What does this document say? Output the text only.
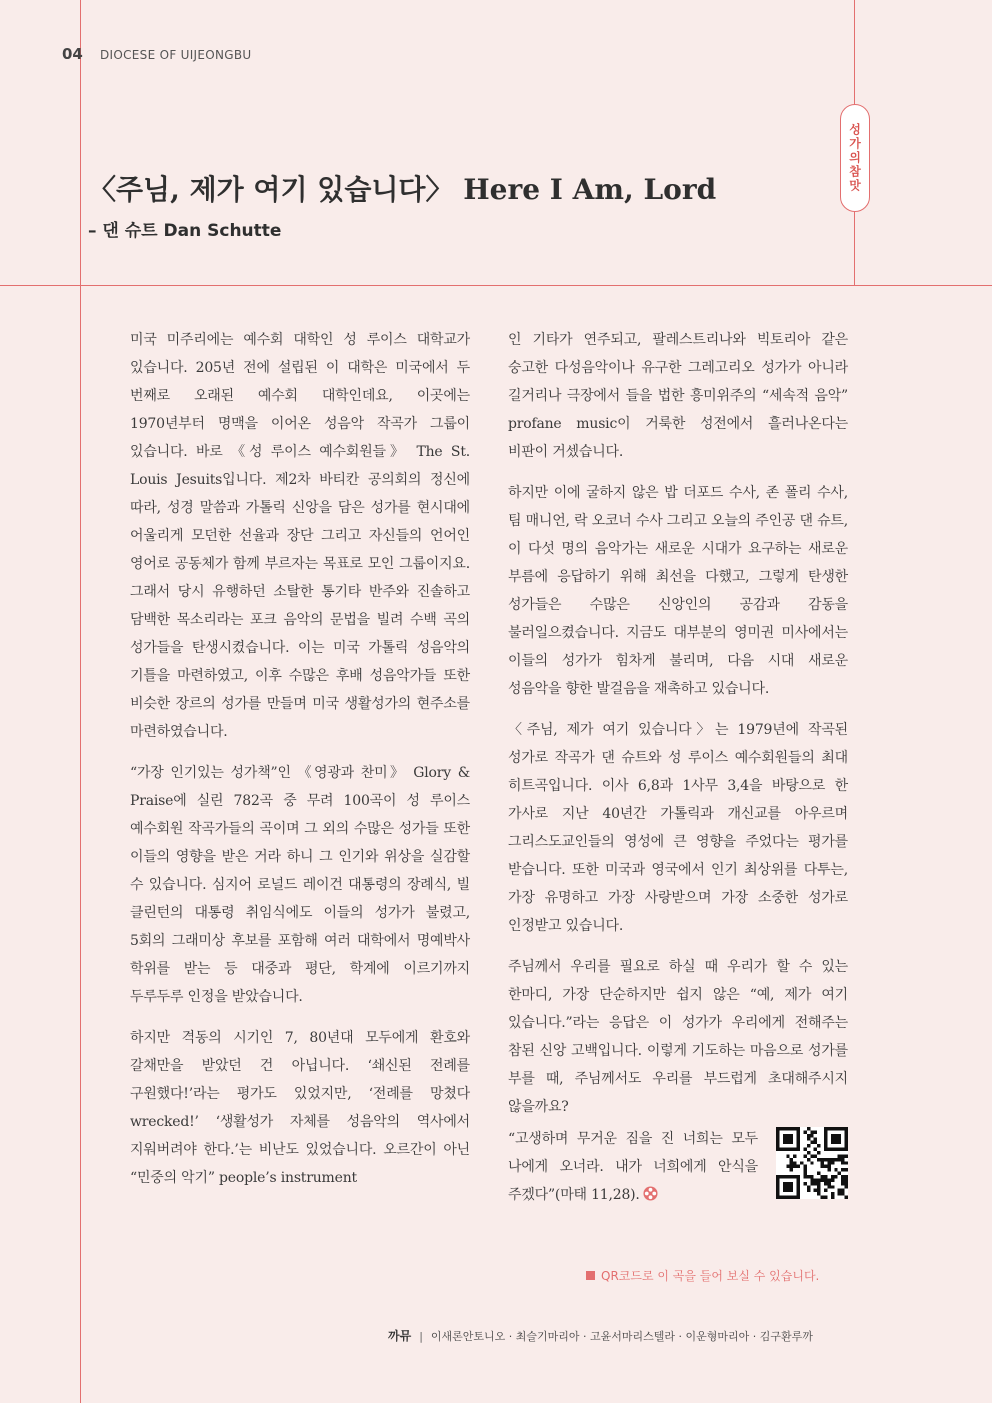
04 DIOCESE OF UIJEONGBU
성가의참맛
〈주님, 제가 여기 있습니다〉 Here I Am, Lord
– 댄 슈트 Dan Schutte

미국 미주리에는 예수회 대학인 성 루이스 대학교가 있습니다. 205년 전에 설립된 이 대학은 미국에서 두 번째로 오래된 예수회 대학인데요, 이곳에는 1970년부터 명맥을 이어온 성음악 작곡가 그룹이 있습니다. 바로 《성 루이스 예수회원들》 The St. Louis Jesuits입니다. 제2차 바티칸 공의회의 정신에 따라, 성경 말씀과 가톨릭 신앙을 담은 성가를 현시대에 어울리게 모던한 선율과 장단 그리고 자신들의 언어인 영어로 공동체가 함께 부르자는 목표로 모인 그룹이지요. 그래서 당시 유행하던 소탈한 통기타 반주와 진솔하고 담백한 목소리라는 포크 음악의 문법을 빌려 수백 곡의 성가들을 탄생시켰습니다. 이는 미국 가톨릭 성음악의 기틀을 마련하였고, 이후 수많은 후배 성음악가들 또한 비슷한 장르의 성가를 만들며 미국 생활성가의 현주소를 마련하였습니다.

“가장 인기있는 성가책”인 《영광과 찬미》 Glory & Praise에 실린 782곡 중 무려 100곡이 성 루이스 예수회원 작곡가들의 곡이며 그 외의 수많은 성가들 또한 이들의 영향을 받은 거라 하니 그 인기와 위상을 실감할 수 있습니다. 심지어 로널드 레이건 대통령의 장례식, 빌 클린턴의 대통령 취임식에도 이들의 성가가 불렸고, 5회의 그래미상 후보를 포함해 여러 대학에서 명예박사 학위를 받는 등 대중과 평단, 학계에 이르기까지 두루두루 인정을 받았습니다.

하지만 격동의 시기인 7, 80년대 모두에게 환호와 갈채만을 받았던 건 아닙니다. ‘쇄신된 전례를 구원했다!’라는 평가도 있었지만, ‘전례를 망쳤다 wrecked!’ ‘생활성가 자체를 성음악의 역사에서 지워버려야 한다.’는 비난도 있었습니다. 오르간이 아닌 “민중의 악기” people’s instrument

인 기타가 연주되고, 팔레스트리나와 빅토리아 같은 숭고한 다성음악이나 유구한 그레고리오 성가가 아니라 길거리나 극장에서 들을 법한 흥미위주의 “세속적 음악” profane music이 거룩한 성전에서 흘러나온다는 비판이 거셌습니다.

하지만 이에 굴하지 않은 밥 더포드 수사, 존 폴리 수사, 팀 매니언, 락 오코너 수사 그리고 오늘의 주인공 댄 슈트, 이 다섯 명의 음악가는 새로운 시대가 요구하는 새로운 부름에 응답하기 위해 최선을 다했고, 그렇게 탄생한 성가들은 수많은 신앙인의 공감과 감동을 불러일으켰습니다. 지금도 대부분의 영미권 미사에서는 이들의 성가가 힘차게 불리며, 다음 시대 새로운 성음악을 향한 발걸음을 재촉하고 있습니다.

〈주님, 제가 여기 있습니다〉는 1979년에 작곡된 성가로 작곡가 댄 슈트와 성 루이스 예수회원들의 최대 히트곡입니다. 이사 6,8과 1사무 3,4을 바탕으로 한 가사로 지난 40년간 가톨릭과 개신교를 아우르며 그리스도교인들의 영성에 큰 영향을 주었다는 평가를 받습니다. 또한 미국과 영국에서 인기 최상위를 다투는, 가장 유명하고 가장 사랑받으며 가장 소중한 성가로 인정받고 있습니다.

주님께서 우리를 필요로 하실 때 우리가 할 수 있는 한마디, 가장 단순하지만 쉽지 않은 “예, 제가 여기 있습니다.”라는 응답은 이 성가가 우리에게 전해주는 참된 신앙 고백입니다. 이렇게 기도하는 마음으로 성가를 부를 때, 주님께서도 우리를 부드럽게 초대해주시지 않을까요?

“고생하며 무거운 짐을 진 너희는 모두 나에게 오너라. 내가 너희에게 안식을 주겠다”(마태 11,28).

QR코드로 이 곡을 들어 보실 수 있습니다.
까뮤 | 이새론안토니오 · 최슬기마리아 · 고윤서마리스텔라 · 이운형마리아 · 김구환루까
